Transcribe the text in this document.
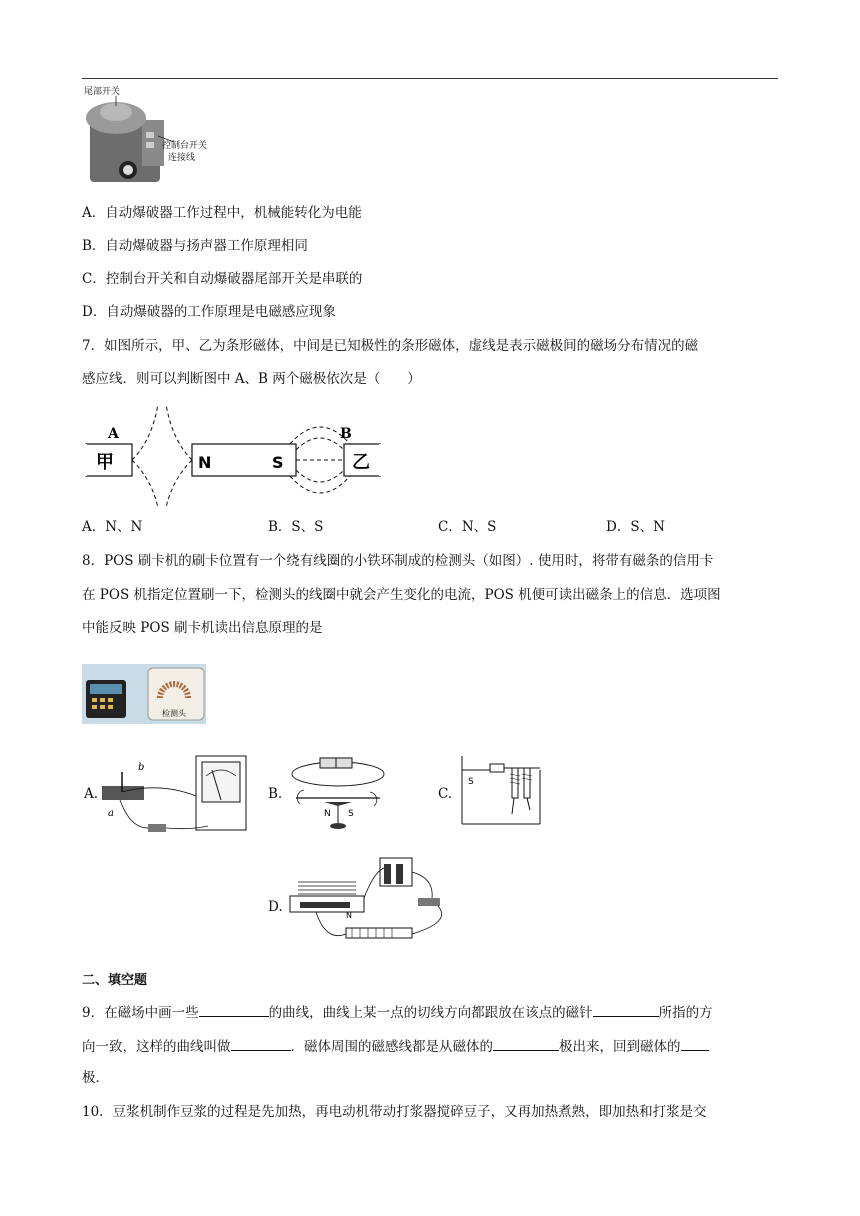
尾部开关
控制台开关
连接线
A．自动爆破器工作过程中，机械能转化为电能
B．自动爆破器与扬声器工作原理相同
C．控制台开关和自动爆破器尾部开关是串联的
D．自动爆破器的工作原理是电磁感应现象
7．如图所示，甲、乙为条形磁体，中间是已知极性的条形磁体，虚线是表示磁极间的磁场分布情况的磁
感应线．则可以判断图中 A、B 两个磁极依次是（　　）
甲
A
N	S	乙
B
A．N、N	B．S、S	C．N、S	D．S、N
8．POS 刷卡机的刷卡位置有一个绕有线圈的小铁环制成的检测头（如图）. 使用时，将带有磁条的信用卡
在 POS 机指定位置刷一下，检测头的线圈中就会产生变化的电流，POS 机便可读出磁条上的信息．选项图
中能反映 POS 刷卡机读出信息原理的是
检测头
A.
b
a
B.
N S
C.
S
D.
N
二、填空题
9．在磁场中画一些	的曲线，曲线上某一点的切线方向都跟放在该点的磁针	所指的方
向一致，这样的曲线叫做	．磁体周围的磁感线都是从磁体的	极出来，回到磁体的
极．
10．豆浆机制作豆浆的过程是先加热，再电动机带动打浆器搅碎豆子，又再加热煮熟，即加热和打浆是交
